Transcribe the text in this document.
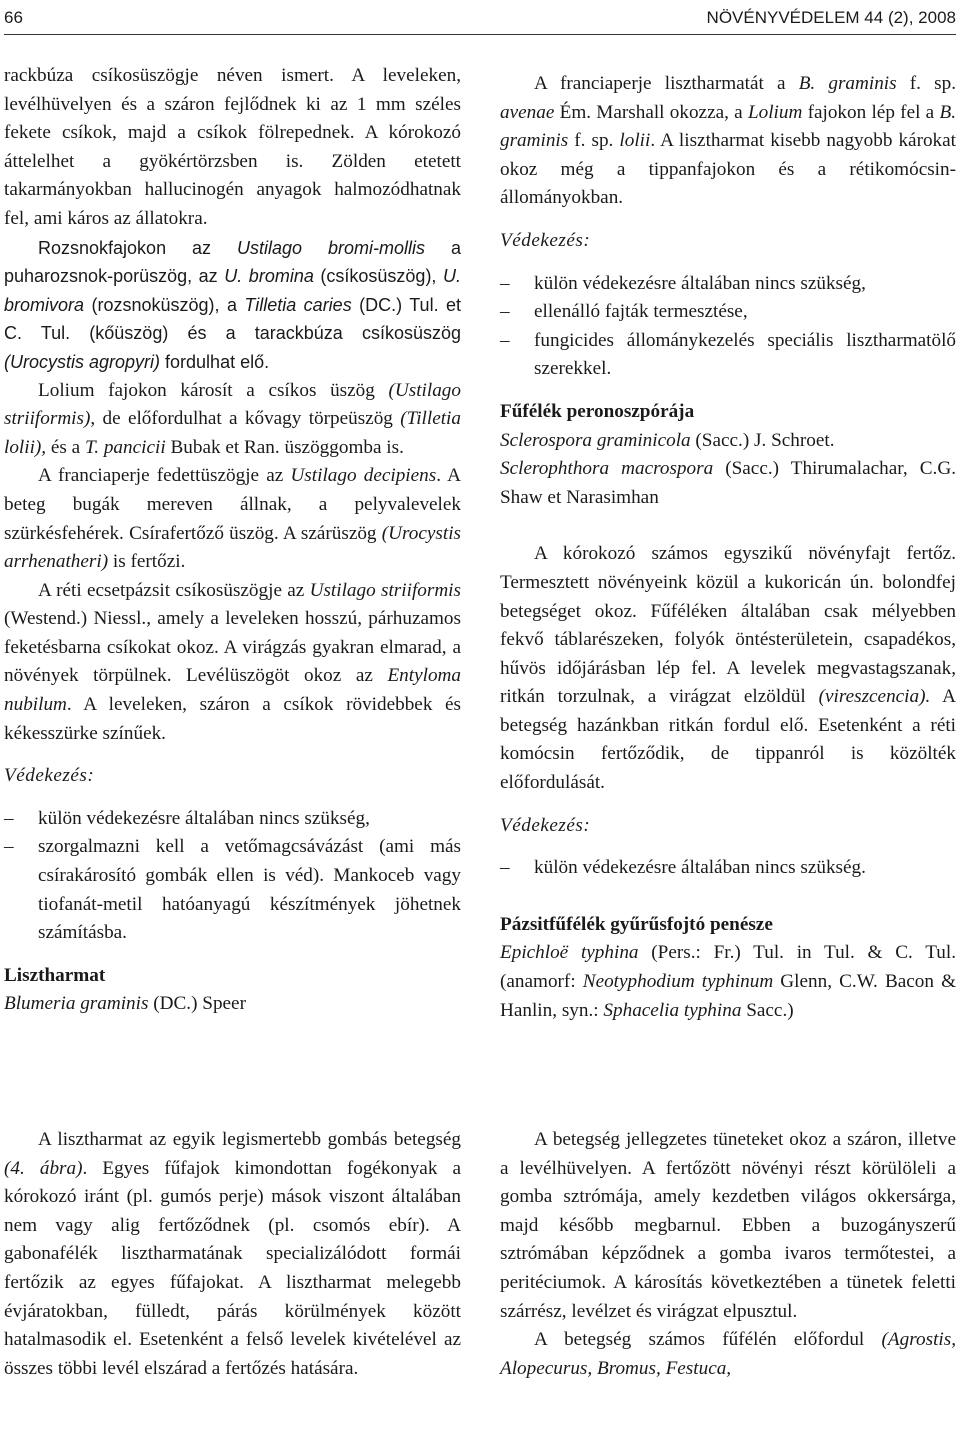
66	NÖVÉNYVÉDELEM 44 (2), 2008

rackbúza csíkosüszögje néven ismert. A leveleken, levélhüvelyen és a száron fejlődnek ki az 1 mm széles fekete csíkok, majd a csíkok fölrepednek. A kórokozó áttelelhet a gyökértörzsben is. Zölden etetett takarmányokban hallucinogén anyagok halmozódhatnak fel, ami káros az állatokra.

Rozsnokfajokon az Ustilago bromi-mollis a puharozsnok-porüszög, az U. bromina (csíkosüszög), U. bromivora (rozsnoküszög), a Tilletia caries (DC.) Tul. et C. Tul. (kőüszög) és a tarackbúza csíkosüszög (Urocystis agropyri) fordulhat elő.

Lolium fajokon károsít a csíkos üszög (Ustilago striiformis), de előfordulhat a kővagy törpeüszög (Tilletia lolii), és a T. pancicii Bubak et Ran. üszöggomba is.

A franciaperje fedettüszögje az Ustilago decipiens. A beteg bugák mereven állnak, a pelyvalevelek szürkésfehérek. Csírafertőző üszög. A szárüszög (Urocystis arrhenatheri) is fertőzi.

A réti ecsetpázsit csíkosüszögje az Ustilago striiformis (Westend.) Niessl., amely a leveleken hosszú, párhuzamos feketésbarna csíkokat okoz. A virágzás gyakran elmarad, a növények törpülnek. Levélüszögöt okoz az Entyloma nubilum. A leveleken, száron a csíkok rövidebbek és kékesszürke színűek.

Védekezés:

– külön védekezésre általában nincs szükség,
– szorgalmazni kell a vetőmagcsávázást (ami más csírakárosító gombák ellen is véd). Mankoceb vagy tiofanát-metil hatóanyagú készítmények jöhetnek számításba.
Lisztharmat

Blumeria graminis (DC.) Speer

A lisztharmat az egyik legismertebb gombás betegség (4. ábra). Egyes fűfajok kimondottan fogékonyak a kórokozó iránt (pl. gumós perje) mások viszont általában nem vagy alig fertőződnek (pl. csomós ebír). A gabonafélék lisztharmatának specializálódott formái fertőzik az egyes fűfajokat. A lisztharmat melegebb évjáratokban, fülledt, párás körülmények között hatalmasodik el. Esetenként a felső levelek kivételével az összes többi levél elszárad a fertőzés hatására.

A franciaperje lisztharmatát a B. graminis f. sp. avenae Ém. Marshall okozza, a Lolium fajokon lép fel a B. graminis f. sp. lolii. A lisztharmat kisebb nagyobb károkat okoz még a tippanfajokon és a rétikomócsin-állományokban.

Védekezés:

– külön védekezésre általában nincs szükség,
– ellenálló fajták termesztése,
– fungicides állománykezelés speciális lisztharmatölő szerekkel.
Fűfélék peronoszpórája

Sclerospora graminicola (Sacc.) J. Schroet.

Sclerophthora macrospora (Sacc.) Thirumalachar, C.G. Shaw et Narasimhan

A kórokozó számos egyszikű növényfajt fertőz. Termesztett növényeink közül a kukoricán ún. bolondfej betegséget okoz. Fűféléken általában csak mélyebben fekvő táblarészeken, folyók öntésterületein, csapadékos, hűvös időjárásban lép fel. A levelek megvastagszanak, ritkán torzulnak, a virágzat elzöldül (vireszcencia). A betegség hazánkban ritkán fordul elő. Esetenként a réti komócsin fertőződik, de tippanról is közölték előfordulását.

Védekezés:

– külön védekezésre általában nincs szükség.
Pázsitfűfélék gyűrűsfojtó penésze

Epichloë typhina (Pers.: Fr.) Tul. in Tul. & C. Tul.(anamorf: Neotyphodium typhinum Glenn, C.W. Bacon & Hanlin, syn.: Sphacelia typhina Sacc.)

A betegség jellegzetes tüneteket okoz a száron, illetve a levélhüvelyen. A fertőzött növényi részt körülöleli a gomba sztrómája, amely kezdetben világos okkersárga, majd később megbarnul. Ebben a buzogányszerű sztrómában képződnek a gomba ivaros termőtestei, a peritéciumok. A károsítás következtében a tünetek feletti szárrész, levélzet és virágzat elpusztul.

A betegség számos fűfélén előfordul (Agrostis, Alopecurus, Bromus, Festuca,
